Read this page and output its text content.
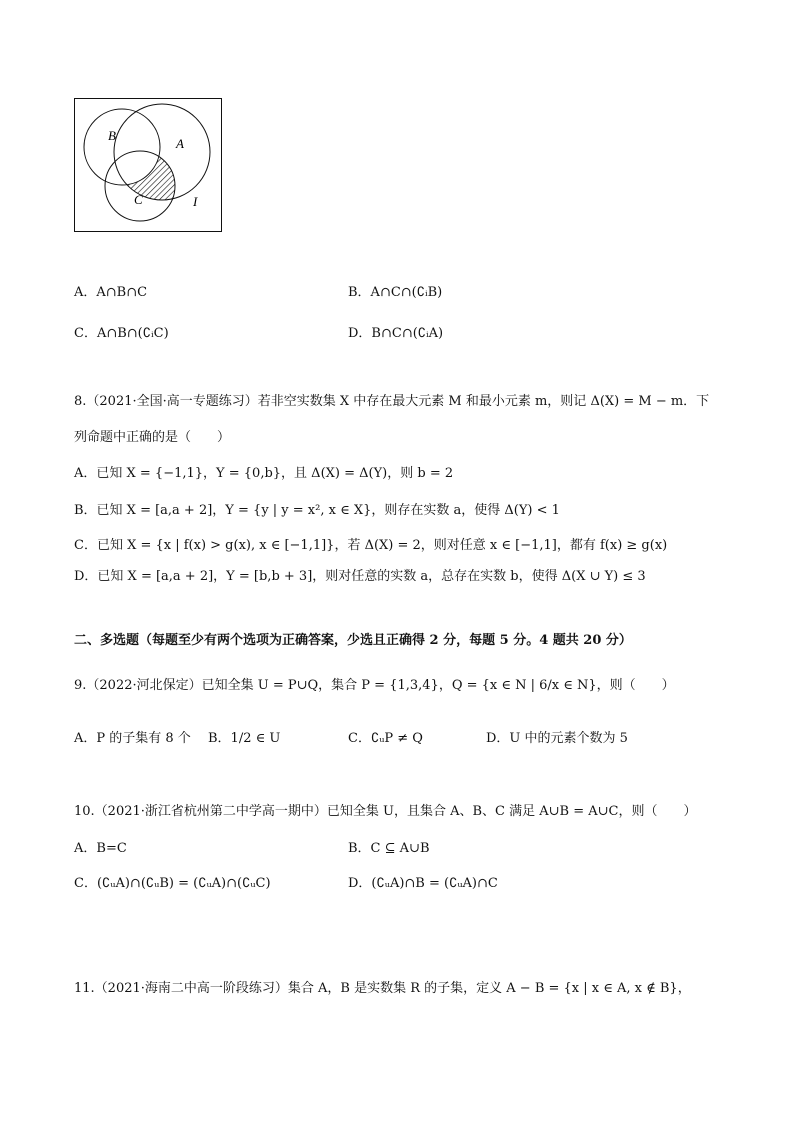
B
A
C	I
A．A∩B∩C	B．A∩C∩(∁ᵢB)
C．A∩B∩(∁ᵢC)	D．B∩C∩(∁ᵢA)
8.（2021·全国·高一专题练习）若非空实数集 X 中存在最大元素 M 和最小元素 m，则记 Δ(X) = M − m．下
列命题中正确的是（　　）
A．已知 X = {−1,1}，Y = {0,b}，且 Δ(X) = Δ(Y)，则 b = 2
B．已知 X = [a,a + 2]，Y = {y | y = x², x ∈ X}，则存在实数 a，使得 Δ(Y) < 1
C．已知 X = {x | f(x) > g(x), x ∈ [−1,1]}，若 Δ(X) = 2，则对任意 x ∈ [−1,1]，都有 f(x) ≥ g(x)
D．已知 X = [a,a + 2]，Y = [b,b + 3]，则对任意的实数 a，总存在实数 b，使得 Δ(X ∪ Y) ≤ 3
二、多选题（每题至少有两个选项为正确答案，少选且正确得 2 分，每题 5 分。4 题共 20 分）
9.（2022·河北保定）已知全集 U = P∪Q，集合 P = {1,3,4}，Q = {x ∈ N | 6/x ∈ N}，则（　　）
A．P 的子集有 8 个 B．1/2 ∈ U	C．∁ᵤP ≠ Q	D．U 中的元素个数为 5
10.（2021·浙江省杭州第二中学高一期中）已知全集 U，且集合 A、B、C 满足 A∪B = A∪C，则（　　）
A．B=C	B．C ⊆ A∪B
C．(∁ᵤA)∩(∁ᵤB) = (∁ᵤA)∩(∁ᵤC)	D．(∁ᵤA)∩B = (∁ᵤA)∩C
11.（2021·海南二中高一阶段练习）集合 A，B 是实数集 R 的子集，定义 A − B = {x | x ∈ A, x ∉ B}，
